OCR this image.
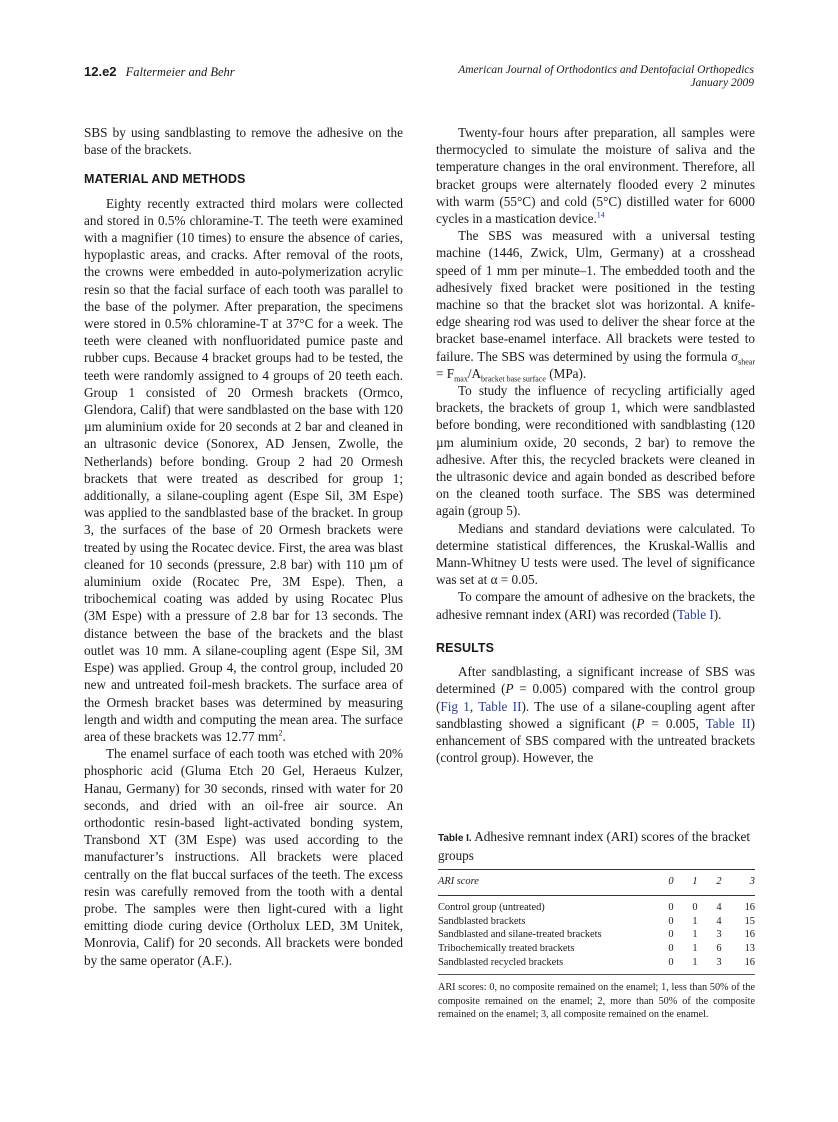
12.e2 Faltermeier and Behr	American Journal of Orthodontics and Dentofacial Orthopedics
January 2009

SBS by using sandblasting to remove the adhesive on the base of the brackets.

MATERIAL AND METHODS

Eighty recently extracted third molars were collected and stored in 0.5% chloramine-T. The teeth were examined with a magnifier (10 times) to ensure the absence of caries, hypoplastic areas, and cracks. After removal of the roots, the crowns were embedded in auto-polymerization acrylic resin so that the facial surface of each tooth was parallel to the base of the polymer. After preparation, the specimens were stored in 0.5% chloramine-T at 37°C for a week. The teeth were cleaned with nonfluoridated pumice paste and rubber cups. Because 4 bracket groups had to be tested, the teeth were randomly assigned to 4 groups of 20 teeth each. Group 1 consisted of 20 Ormesh brackets (Ormco, Glendora, Calif) that were sandblasted on the base with 120 µm aluminium oxide for 20 seconds at 2 bar and cleaned in an ultrasonic device (Sonorex, AD Jensen, Zwolle, the Netherlands) before bonding. Group 2 had 20 Ormesh brackets that were treated as described for group 1; additionally, a silane-coupling agent (Espe Sil, 3M Espe) was applied to the sandblasted base of the bracket. In group 3, the surfaces of the base of 20 Ormesh brackets were treated by using the Rocatec device. First, the area was blast cleaned for 10 seconds (pressure, 2.8 bar) with 110 µm of aluminium oxide (Rocatec Pre, 3M Espe). Then, a tribochemical coating was added by using Rocatec Plus (3M Espe) with a pressure of 2.8 bar for 13 seconds. The distance between the base of the brackets and the blast outlet was 10 mm. A silane-coupling agent (Espe Sil, 3M Espe) was applied. Group 4, the control group, included 20 new and untreated foil-mesh brackets. The surface area of the Ormesh bracket bases was determined by measuring length and width and computing the mean area. The surface area of these brackets was 12.77 $mm^2$.

The enamel surface of each tooth was etched with 20% phosphoric acid (Gluma Etch 20 Gel, Heraeus Kulzer, Hanau, Germany) for 30 seconds, rinsed with water for 20 seconds, and dried with an oil-free air source. An orthodontic resin-based light-activated bonding system, Transbond XT (3M Espe) was used according to the manufacturer’s instructions. All brackets were placed centrally on the flat buccal surfaces of the teeth. The excess resin was carefully removed from the tooth with a dental probe. The samples were then light-cured with a light emitting diode curing device (Ortholux LED, 3M Unitek, Monrovia, Calif) for 20 seconds. All brackets were bonded by the same operator (A.F.).

Twenty-four hours after preparation, all samples were thermocycled to simulate the moisture of saliva and the temperature changes in the oral environment. Therefore, all bracket groups were alternately flooded every 2 minutes with warm (55°C) and cold (5°C) distilled water for 6000 cycles in a mastication device.$^{14}$

The SBS was measured with a universal testing machine (1446, Zwick, Ulm, Germany) at a crosshead speed of 1 mm per minute–1. The embedded tooth and the adhesively fixed bracket were positioned in the testing machine so that the bracket slot was horizontal. A knife-edge shearing rod was used to deliver the shear force at the bracket base-enamel interface. All brackets were tested to failure. The SBS was determined by using the formula $\sigma_{shear} = F_{max}/A_{bracket base surface}$ (MPa).

To study the influence of recycling artificially aged brackets, the brackets of group 1, which were sandblasted before bonding, were reconditioned with sandblasting (120 µm aluminium oxide, 20 seconds, 2 bar) to remove the adhesive. After this, the recycled brackets were cleaned in the ultrasonic device and again bonded as described before on the cleaned tooth surface. The SBS was determined again (group 5).

Medians and standard deviations were calculated. To determine statistical differences, the Kruskal-Wallis and Mann-Whitney U tests were used. The level of significance was set at α = 0.05.

To compare the amount of adhesive on the brackets, the adhesive remnant index (ARI) was recorded (Table I).

RESULTS

After sandblasting, a significant increase of SBS was determined (P = 0.005) compared with the control group (Fig 1, Table II). The use of a silane-coupling agent after sandblasting showed a significant (P = 0.005, Table II) enhancement of SBS compared with the untreated brackets (control group). However, the

Table I. Adhesive remnant index (ARI) scores of the bracket groups
ARI score	0	1	2	3
Control group (untreated)	0	0	4	16
Sandblasted brackets	0	1	4	15
Sandblasted and silane-treated brackets	0	1	3	16
Tribochemically treated brackets	0	1	6	13
Sandblasted recycled brackets	0	1	3	16
ARI scores: 0, no composite remained on the enamel; 1, less than 50% of the composite remained on the enamel; 2, more than 50% of the composite remained on the enamel; 3, all composite remained on the enamel.
